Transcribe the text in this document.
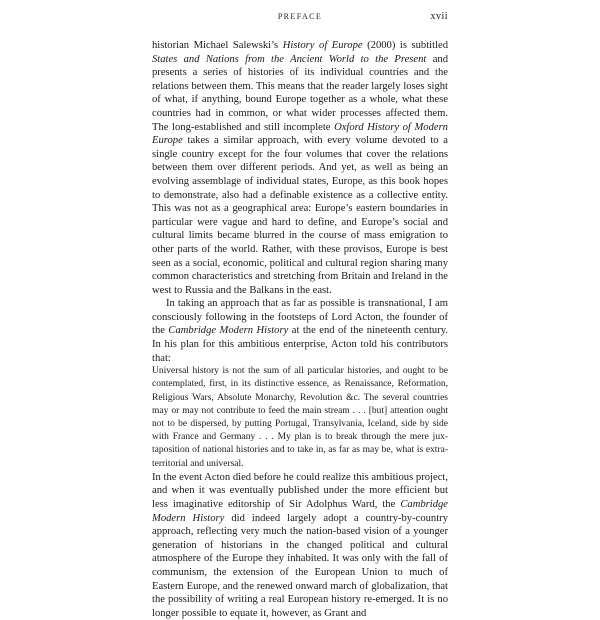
PREFACE	xvii

historian Michael Salewski’s History of Europe (2000) is subtitled States and Nations from the Ancient World to the Present and presents a series of histories of its individual countries and the relations between them. This means that the reader largely loses sight of what, if anything, bound Europe together as a whole, what these countries had in common, or what wider processes affected them. The long-established and still incomplete Oxford History of Modern Europe takes a similar approach, with every volume devoted to a single country except for the four volumes that cover the relations between them over different periods. And yet, as well as being an evolving assemblage of individual states, Europe, as this book hopes to demonstrate, also had a definable existence as a collective entity. This was not as a geographical area: Europe’s eastern boundaries in particular were vague and hard to define, and Europe’s social and cultural limits became blurred in the course of mass emigration to other parts of the world. Rather, with these provisos, Europe is best seen as a social, economic, political and cultural region sharing many common characteristics and stretching from Britain and Ireland in the west to Russia and the Balkans in the east.

In taking an approach that as far as possible is transnational, I am consciously following in the footsteps of Lord Acton, the founder of the Cambridge Modern History at the end of the nineteenth century. In his plan for this ambitious enterprise, Acton told his contributors that:

Universal history is not the sum of all particular histories, and ought to be contemplated, first, in its distinctive essence, as Renaissance, Reformation, Religious Wars, Absolute Monarchy, Revolution &c. The several countries may or may not contribute to feed the main stream . . . [but] attention ought not to be dispersed, by putting Portugal, Transylvania, Iceland, side by side with France and Germany . . . My plan is to break through the mere juxtaposition of national histories and to take in, as far as may be, what is extra-territorial and universal.

In the event Acton died before he could realize this ambitious project, and when it was eventually published under the more efficient but less imaginative editorship of Sir Adolphus Ward, the Cambridge Modern History did indeed largely adopt a country-by-country approach, reflecting very much the nation-based vision of a younger generation of historians in the changed political and cultural atmosphere of the Europe they inhabited. It was only with the fall of communism, the extension of the European Union to much of Eastern Europe, and the renewed onward march of globalization, that the possibility of writing a real European history re-emerged. It is no longer possible to equate it, however, as Grant and
